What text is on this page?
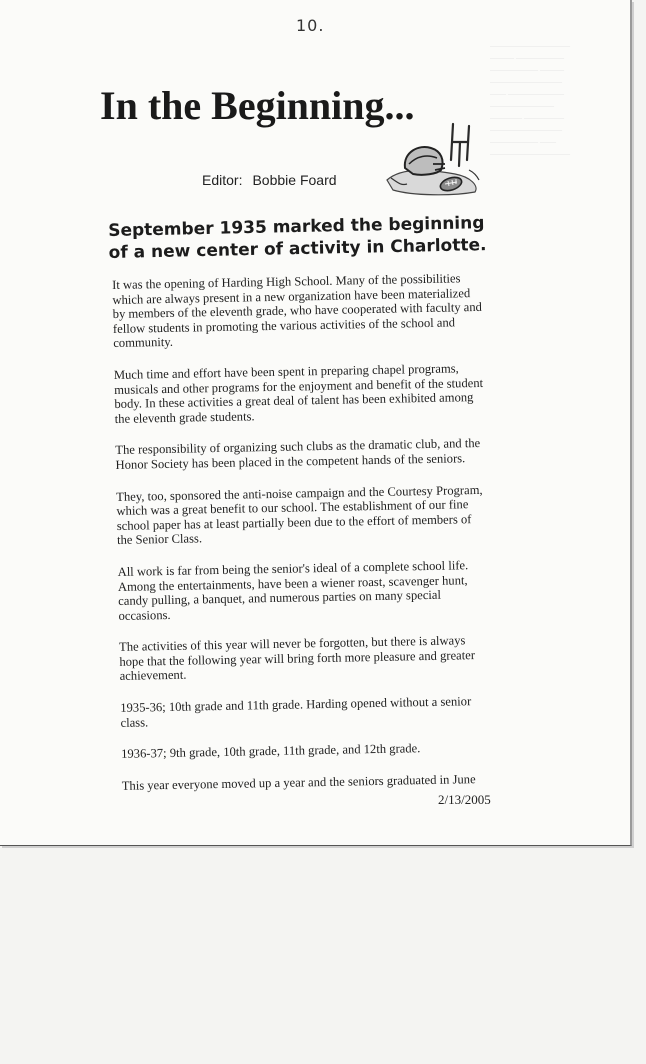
——————————
——— ——————
—————— ———
—————————
—— ———————
————————
———— —————
—————————
—————— ——
——————————
10.
In the Beginning...
Editor: Bobbie Foard
September 1935 marked the beginning of a new center of activity in Charlotte.

It was the opening of Harding High School. Many of the possibilities which are always present in a new organization have been materialized by members of the eleventh grade, who have cooperated with faculty and fellow students in promoting the various activities of the school and community.

Much time and effort have been spent in preparing chapel programs, musicals and other programs for the enjoyment and benefit of the student body. In these activities a great deal of talent has been exhibited among the eleventh grade students.

The responsibility of organizing such clubs as the dramatic club, and the Honor Society has been placed in the competent hands of the seniors.

They, too, sponsored the anti-noise campaign and the Courtesy Program, which was a great benefit to our school. The establishment of our fine school paper has at least partially been due to the effort of members of the Senior Class.

All work is far from being the senior's ideal of a complete school life. Among the entertainments, have been a wiener roast, scavenger hunt, candy pulling, a banquet, and numerous parties on many special occasions.

The activities of this year will never be forgotten, but there is always hope that the following year will bring forth more pleasure and greater achievement.

1935-36; 10th grade and 11th grade. Harding opened without a senior class.

1936-37; 9th grade, 10th grade, 11th grade, and 12th grade.

This year everyone moved up a year and the seniors graduated in June

2/13/2005
